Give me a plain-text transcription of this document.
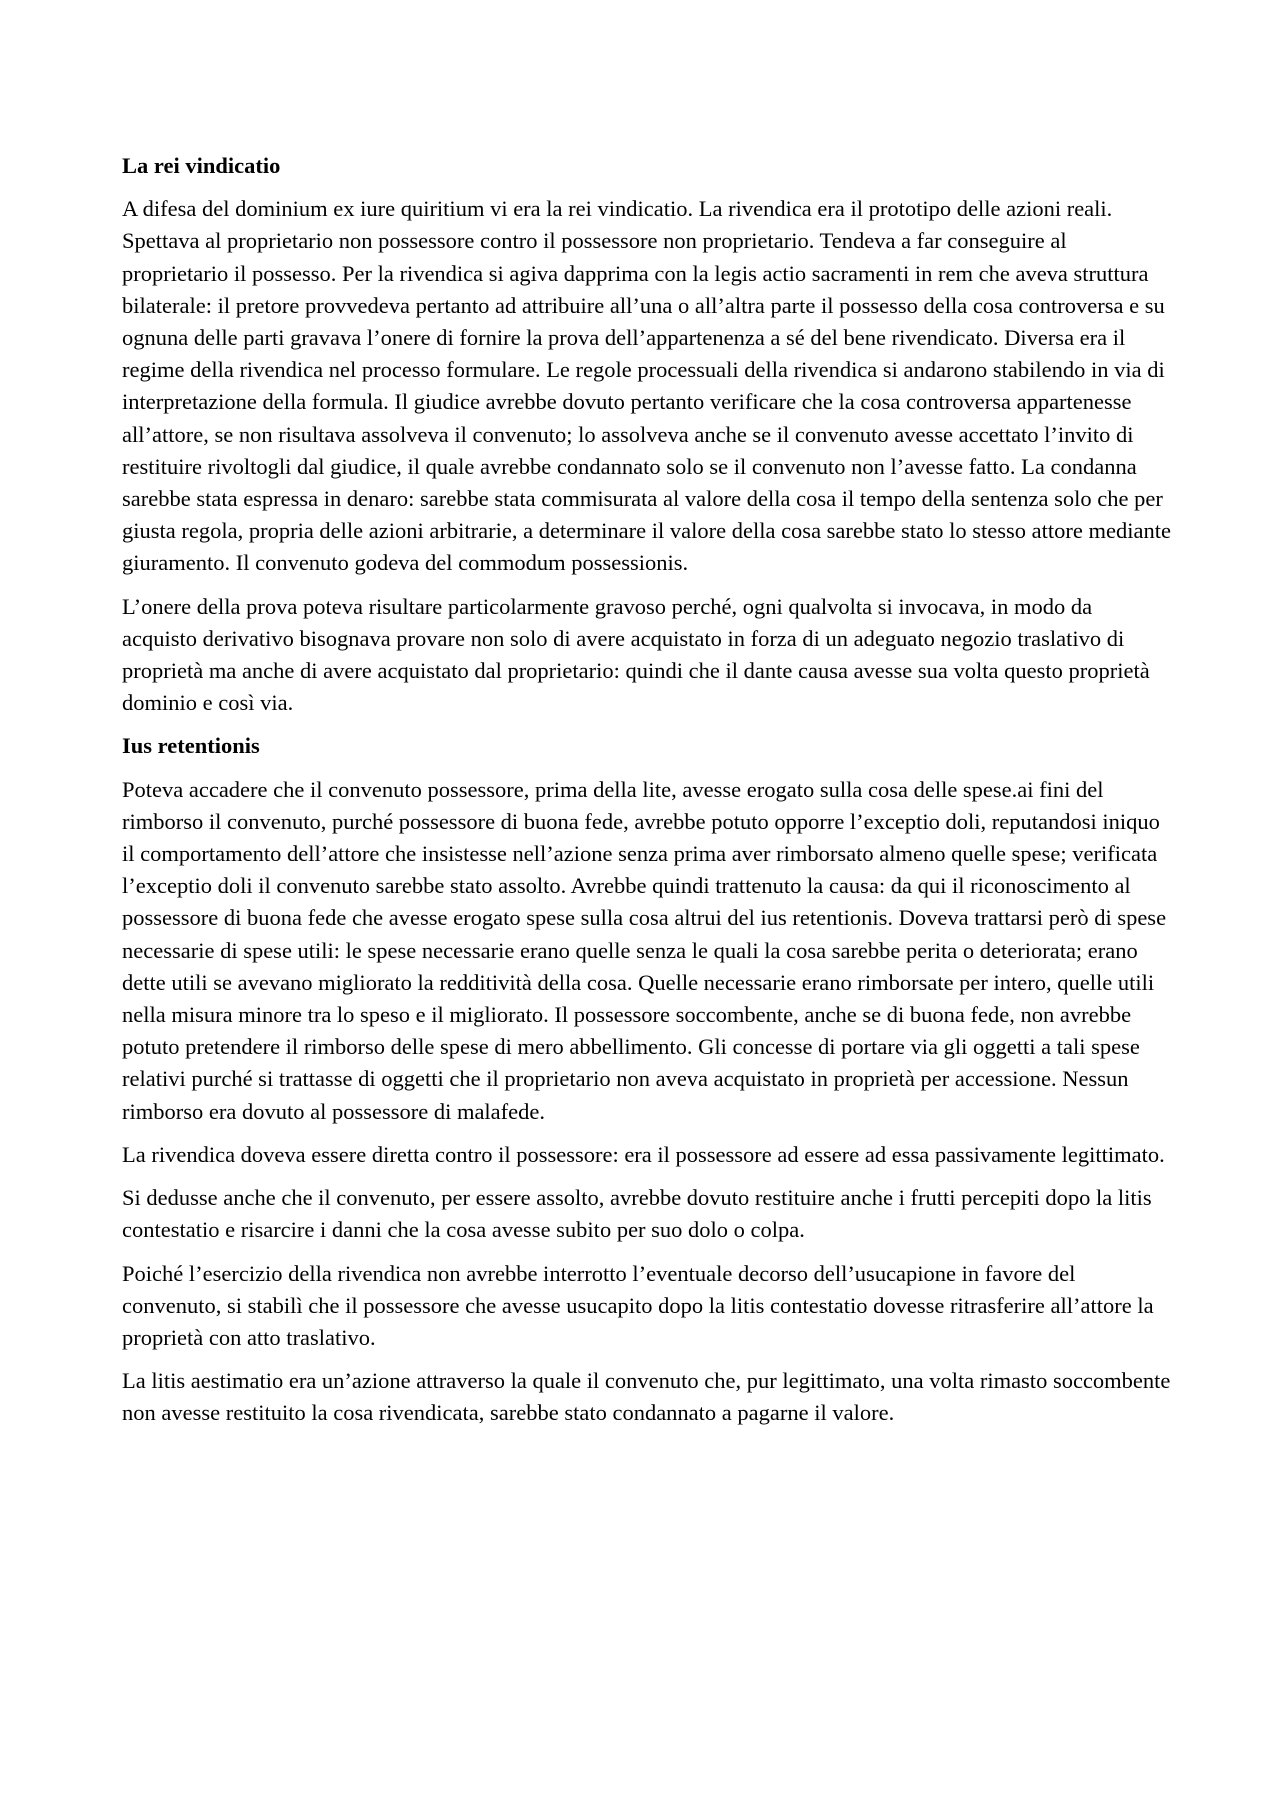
La rei vindicatio

A difesa del dominium ex iure quiritium vi era la rei vindicatio. La rivendica era il prototipo delle azioni reali. Spettava al proprietario non possessore contro il possessore non proprietario. Tendeva a far conseguire al proprietario il possesso. Per la rivendica si agiva dapprima con la legis actio sacramenti in rem che aveva struttura bilaterale: il pretore provvedeva pertanto ad attribuire all’una o all’altra parte il possesso della cosa controversa e su ognuna delle parti gravava l’onere di fornire la prova dell’appartenenza a sé del bene rivendicato. Diversa era il regime della rivendica nel processo formulare. Le regole processuali della rivendica si andarono stabilendo in via di interpretazione della formula. Il giudice avrebbe dovuto pertanto verificare che la cosa controversa appartenesse all’attore, se non risultava assolveva il convenuto; lo assolveva anche se il convenuto avesse accettato l’invito di restituire rivoltogli dal giudice, il quale avrebbe condannato solo se il convenuto non l’avesse fatto. La condanna sarebbe stata espressa in denaro: sarebbe stata commisurata al valore della cosa il tempo della sentenza solo che per giusta regola, propria delle azioni arbitrarie, a determinare il valore della cosa sarebbe stato lo stesso attore mediante giuramento. Il convenuto godeva del commodum possessionis.

L’onere della prova poteva risultare particolarmente gravoso perché, ogni qualvolta si invocava, in modo da acquisto derivativo bisognava provare non solo di avere acquistato in forza di un adeguato negozio traslativo di proprietà ma anche di avere acquistato dal proprietario: quindi che il dante causa avesse sua volta questo proprietà dominio e così via.

Ius retentionis

Poteva accadere che il convenuto possessore, prima della lite, avesse erogato sulla cosa delle spese.ai fini del rimborso il convenuto, purché possessore di buona fede, avrebbe potuto opporre l’exceptio doli, reputandosi iniquo il comportamento dell’attore che insistesse nell’azione senza prima aver rimborsato almeno quelle spese; verificata l’exceptio doli il convenuto sarebbe stato assolto. Avrebbe quindi trattenuto la causa: da qui il riconoscimento al possessore di buona fede che avesse erogato spese sulla cosa altrui del ius retentionis. Doveva trattarsi però di spese necessarie di spese utili: le spese necessarie erano quelle senza le quali la cosa sarebbe perita o deteriorata; erano dette utili se avevano migliorato la redditività della cosa. Quelle necessarie erano rimborsate per intero, quelle utili nella misura minore tra lo speso e il migliorato. Il possessore soccombente, anche se di buona fede, non avrebbe potuto pretendere il rimborso delle spese di mero abbellimento. Gli concesse di portare via gli oggetti a tali spese relativi purché si trattasse di oggetti che il proprietario non aveva acquistato in proprietà per accessione. Nessun rimborso era dovuto al possessore di malafede.

La rivendica doveva essere diretta contro il possessore: era il possessore ad essere ad essa passivamente legittimato.

Si dedusse anche che il convenuto, per essere assolto, avrebbe dovuto restituire anche i frutti percepiti dopo la litis contestatio e risarcire i danni che la cosa avesse subito per suo dolo o colpa.

Poiché l’esercizio della rivendica non avrebbe interrotto l’eventuale decorso dell’usucapione in favore del convenuto, si stabilì che il possessore che avesse usucapito dopo la litis contestatio dovesse ritrasferire all’attore la proprietà con atto traslativo.

La litis aestimatio era un’azione attraverso la quale il convenuto che, pur legittimato, una volta rimasto soccombente non avesse restituito la cosa rivendicata, sarebbe stato condannato a pagarne il valore.
